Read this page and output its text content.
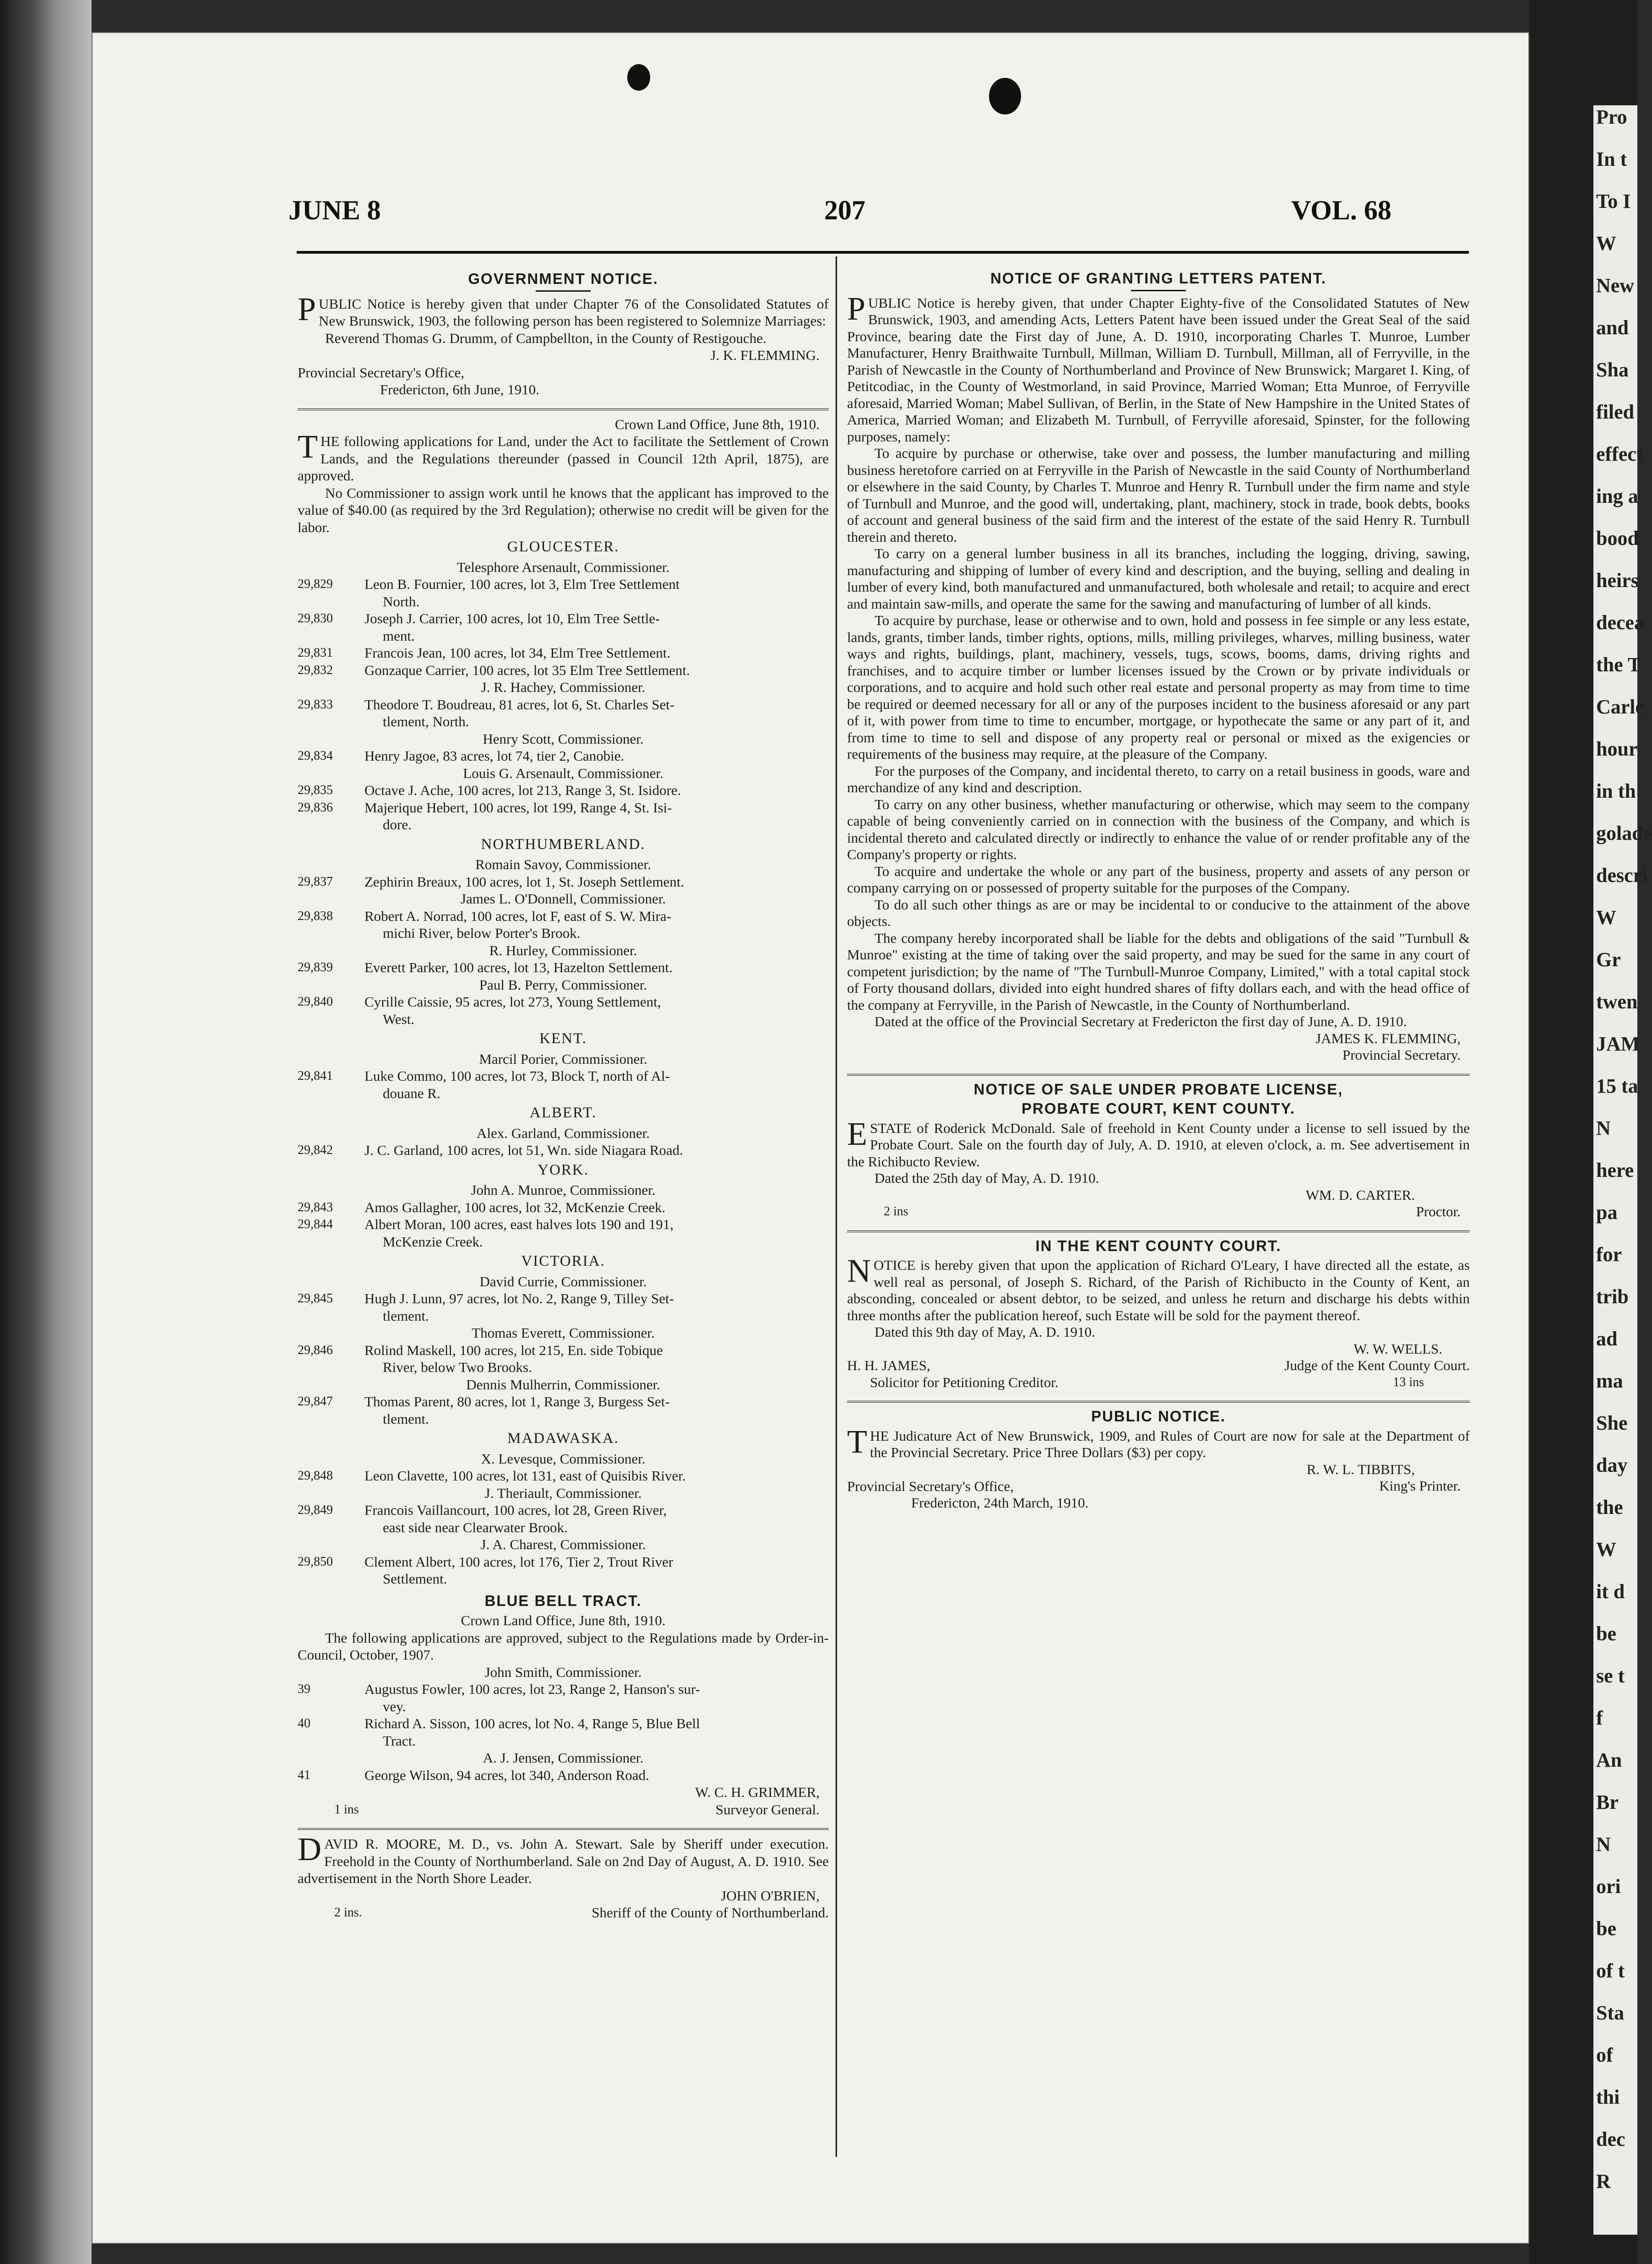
Pro
In t
To I
W
New
and
Sha
filed
effect
ing a
bood
heirs
decea
the T
Carle
hour
in th
golade
descri
W
Gr
twen
JAM
15 ta
N
here
pa
for
trib
ad
ma
She
day
the
W
it d
be
se t
f
An
Br
N
ori
be
of t
Sta
of
thi
dec
R
JUNE 8	207	VOL. 68
GOVERNMENT NOTICE.

PUBLIC Notice is hereby given that under Chapter 76 of the Consolidated Statutes of New Brunswick, 1903, the following person has been registered to Solemnize Marriages:

Reverend Thomas G. Drumm, of Campbellton, in the County of Restigouche.

J. K. FLEMMING.

Provincial Secretary's Office,

Fredericton, 6th June, 1910.

Crown Land Office, June 8th, 1910.

THE following applications for Land, under the Act to facilitate the Settlement of Crown Lands, and the Regulations thereunder (passed in Council 12th April, 1875), are approved.

No Commissioner to assign work until he knows that the applicant has improved to the value of $40.00 (as required by the 3rd Regulation); otherwise no credit will be given for the labor.

GLOUCESTER.

Telesphore Arsenault, Commissioner.

29,829	Leon B. Fournier, 100 acres, lot 3, Elm Tree Settlement
North.
29,830	Joseph J. Carrier, 100 acres, lot 10, Elm Tree Settle-
ment.
29,831	Francois Jean, 100 acres, lot 34, Elm Tree Settlement.
29,832	Gonzaque Carrier, 100 acres, lot 35 Elm Tree Settlement.

J. R. Hachey, Commissioner.

29,833	Theodore T. Boudreau, 81 acres, lot 6, St. Charles Set-
tlement, North.

Henry Scott, Commissioner.

29,834	Henry Jagoe, 83 acres, lot 74, tier 2, Canobie.

Louis G. Arsenault, Commissioner.

29,835	Octave J. Ache, 100 acres, lot 213, Range 3, St. Isidore.
29,836	Majerique Hebert, 100 acres, lot 199, Range 4, St. Isi-
dore.
NORTHUMBERLAND.

Romain Savoy, Commissioner.

29,837	Zephirin Breaux, 100 acres, lot 1, St. Joseph Settlement.

James L. O'Donnell, Commissioner.

29,838	Robert A. Norrad, 100 acres, lot F, east of S. W. Mira-
michi River, below Porter's Brook.

R. Hurley, Commissioner.

29,839	Everett Parker, 100 acres, lot 13, Hazelton Settlement.

Paul B. Perry, Commissioner.

29,840	Cyrille Caissie, 95 acres, lot 273, Young Settlement,
West.
KENT.

Marcil Porier, Commissioner.

29,841	Luke Commo, 100 acres, lot 73, Block T, north of Al-
douane R.
ALBERT.

Alex. Garland, Commissioner.

29,842	J. C. Garland, 100 acres, lot 51, Wn. side Niagara Road.
YORK.

John A. Munroe, Commissioner.

29,843	Amos Gallagher, 100 acres, lot 32, McKenzie Creek.
29,844	Albert Moran, 100 acres, east halves lots 190 and 191,
McKenzie Creek.
VICTORIA.

David Currie, Commissioner.

29,845	Hugh J. Lunn, 97 acres, lot No. 2, Range 9, Tilley Set-
tlement.

Thomas Everett, Commissioner.

29,846	Rolind Maskell, 100 acres, lot 215, En. side Tobique
River, below Two Brooks.

Dennis Mulherrin, Commissioner.

29,847	Thomas Parent, 80 acres, lot 1, Range 3, Burgess Set-
tlement.
MADAWASKA.

X. Levesque, Commissioner.

29,848	Leon Clavette, 100 acres, lot 131, east of Quisibis River.

J. Theriault, Commissioner.

29,849	Francois Vaillancourt, 100 acres, lot 28, Green River,
east side near Clearwater Brook.

J. A. Charest, Commissioner.

29,850	Clement Albert, 100 acres, lot 176, Tier 2, Trout River
Settlement.
BLUE BELL TRACT.

Crown Land Office, June 8th, 1910.

The following applications are approved, subject to the Regulations made by Order-in-Council, October, 1907.

John Smith, Commissioner.

39	Augustus Fowler, 100 acres, lot 23, Range 2, Hanson's sur-
vey.
40	Richard A. Sisson, 100 acres, lot No. 4, Range 5, Blue Bell
Tract.

A. J. Jensen, Commissioner.

41	George Wilson, 94 acres, lot 340, Anderson Road.

W. C. H. GRIMMER,

1 ins	Surveyor General.

DAVID R. MOORE, M. D., vs. John A. Stewart. Sale by Sheriff under execution. Freehold in the County of Northumberland. Sale on 2nd Day of August, A. D. 1910. See advertisement in the North Shore Leader.

JOHN O'BRIEN,

2 ins.	Sheriff of the County of Northumberland.
NOTICE OF GRANTING LETTERS PATENT.

PUBLIC Notice is hereby given, that under Chapter Eighty-five of the Consolidated Statutes of New Brunswick, 1903, and amending Acts, Letters Patent have been issued under the Great Seal of the said Province, bearing date the First day of June, A. D. 1910, incorporating Charles T. Munroe, Lumber Manufacturer, Henry Braithwaite Turnbull, Millman, William D. Turnbull, Millman, all of Ferryville, in the Parish of Newcastle in the County of Northumberland and Province of New Brunswick; Margaret I. King, of Petitcodiac, in the County of Westmorland, in said Province, Married Woman; Etta Munroe, of Ferryville aforesaid, Married Woman; Mabel Sullivan, of Berlin, in the State of New Hampshire in the United States of America, Married Woman; and Elizabeth M. Turnbull, of Ferryville aforesaid, Spinster, for the following purposes, namely:

To acquire by purchase or otherwise, take over and possess, the lumber manufacturing and milling business heretofore carried on at Ferryville in the Parish of Newcastle in the said County of Northumberland or elsewhere in the said County, by Charles T. Munroe and Henry R. Turnbull under the firm name and style of Turnbull and Munroe, and the good will, undertaking, plant, machinery, stock in trade, book debts, books of account and general business of the said firm and the interest of the estate of the said Henry R. Turnbull therein and thereto.

To carry on a general lumber business in all its branches, including the logging, driving, sawing, manufacturing and shipping of lumber of every kind and description, and the buying, selling and dealing in lumber of every kind, both manufactured and unmanufactured, both wholesale and retail; to acquire and erect and maintain saw-mills, and operate the same for the sawing and manufacturing of lumber of all kinds.

To acquire by purchase, lease or otherwise and to own, hold and possess in fee simple or any less estate, lands, grants, timber lands, timber rights, options, mills, milling privileges, wharves, milling business, water ways and rights, buildings, plant, machinery, vessels, tugs, scows, booms, dams, driving rights and franchises, and to acquire timber or lumber licenses issued by the Crown or by private individuals or corporations, and to acquire and hold such other real estate and personal property as may from time to time be required or deemed necessary for all or any of the purposes incident to the business aforesaid or any part of it, with power from time to time to encumber, mortgage, or hypothecate the same or any part of it, and from time to time to sell and dispose of any property real or personal or mixed as the exigencies or requirements of the business may require, at the pleasure of the Company.

For the purposes of the Company, and incidental thereto, to carry on a retail business in goods, ware and merchandize of any kind and description.

To carry on any other business, whether manufacturing or otherwise, which may seem to the company capable of being conveniently carried on in connection with the business of the Company, and which is incidental thereto and calculated directly or indirectly to enhance the value of or render profitable any of the Company's property or rights.

To acquire and undertake the whole or any part of the business, property and assets of any person or company carrying on or possessed of property suitable for the purposes of the Company.

To do all such other things as are or may be incidental to or conducive to the attainment of the above objects.

The company hereby incorporated shall be liable for the debts and obligations of the said "Turnbull & Munroe" existing at the time of taking over the said property, and may be sued for the same in any court of competent jurisdiction; by the name of "The Turnbull-Munroe Company, Limited," with a total capital stock of Forty thousand dollars, divided into eight hundred shares of fifty dollars each, and with the head office of the company at Ferryville, in the Parish of Newcastle, in the County of Northumberland.

Dated at the office of the Provincial Secretary at Fredericton the first day of June, A. D. 1910.

JAMES K. FLEMMING,

Provincial Secretary.

NOTICE OF SALE UNDER PROBATE LICENSE,
PROBATE COURT, KENT COUNTY.

ESTATE of Roderick McDonald. Sale of freehold in Kent County under a license to sell issued by the Probate Court. Sale on the fourth day of July, A. D. 1910, at eleven o'clock, a. m. See advertisement in the Richibucto Review.

Dated the 25th day of May, A. D. 1910.

WM. D. CARTER.

2 ins	Proctor.
IN THE KENT COUNTY COURT.

NOTICE is hereby given that upon the application of Richard O'Leary, I have directed all the estate, as well real as personal, of Joseph S. Richard, of the Parish of Richibucto in the County of Kent, an absconding, concealed or absent debtor, to be seized, and unless he return and discharge his debts within three months after the publication hereof, such Estate will be sold for the payment thereof.

Dated this 9th day of May, A. D. 1910.

W. W. WELLS.

H. H. JAMES,	Judge of the Kent County Court.
Solicitor for Petitioning Creditor.	13 ins
PUBLIC NOTICE.

THE Judicature Act of New Brunswick, 1909, and Rules of Court are now for sale at the Department of the Provincial Secretary. Price Three Dollars ($3) per copy.

R. W. L. TIBBITS,

King's Printer.

Provincial Secretary's Office,

Fredericton, 24th March, 1910.
